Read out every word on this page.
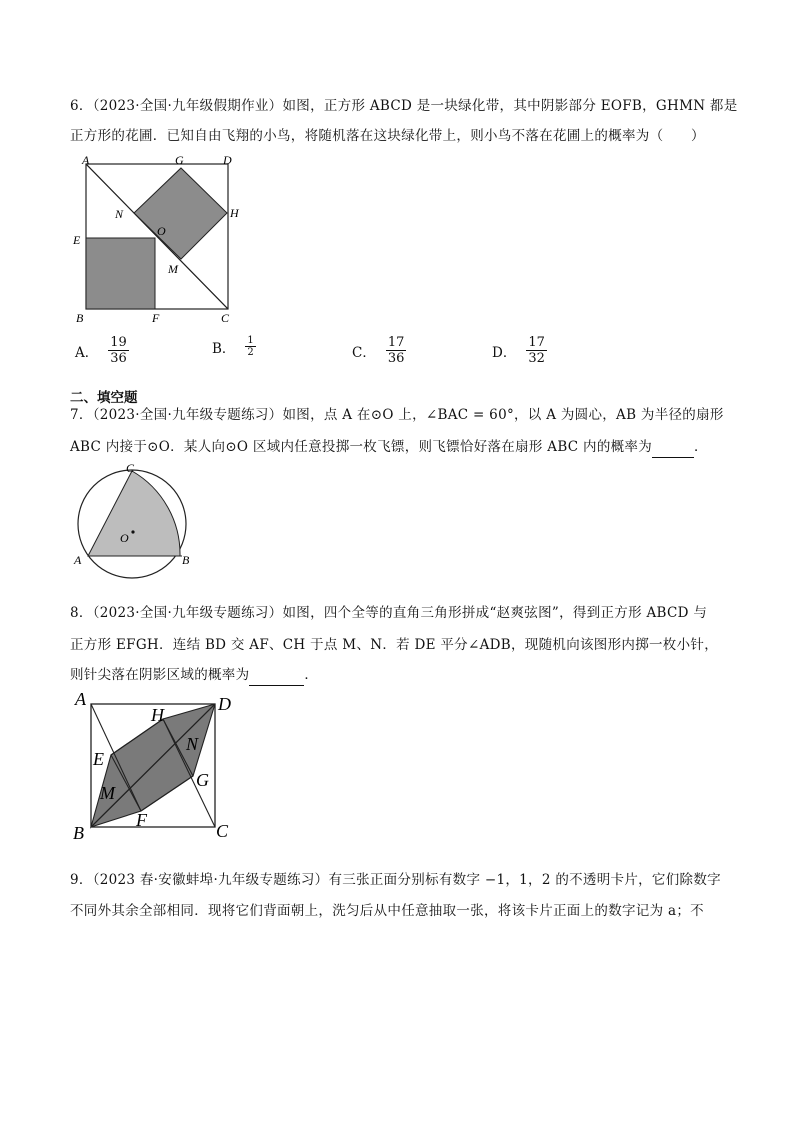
6．（2023·全国·九年级假期作业）如图，正方形 ABCD 是一块绿化带，其中阴影部分 EOFB，GHMN 都是
正方形的花圃．已知自由飞翔的小鸟，将随机落在这块绿化带上，则小鸟不落在花圃上的概率为（　　）
A	G	D
N	H
E
O
M
B	F	C
A． $\frac{19}{36}$	B． $\frac{1}{2}$	C． $\frac{17}{36}$	D． $\frac{17}{32}$
二、填空题
7．（2023·全国·九年级专题练习）如图，点 A 在⊙O 上，∠BAC = 60°，以 A 为圆心，AB 为半径的扇形
ABC 内接于⊙O．某人向⊙O 区域内任意投掷一枚飞镖，则飞镖恰好落在扇形 ABC 内的概率为	．
C
O
A	B
8．（2023·全国·九年级专题练习）如图，四个全等的直角三角形拼成“赵爽弦图”，得到正方形 ABCD 与
正方形 EFGH．连结 BD 交 AF、CH 于点 M、N．若 DE 平分∠ADB，现随机向该图形内掷一枚小针，
则针尖落在阴影区域的概率为	．
A	D
H
N
E
G
M
B
F
C
9．（2023 春·安徽蚌埠·九年级专题练习）有三张正面分别标有数字 −1，1，2 的不透明卡片，它们除数字
不同外其余全部相同．现将它们背面朝上，洗匀后从中任意抽取一张，将该卡片正面上的数字记为 a；不
